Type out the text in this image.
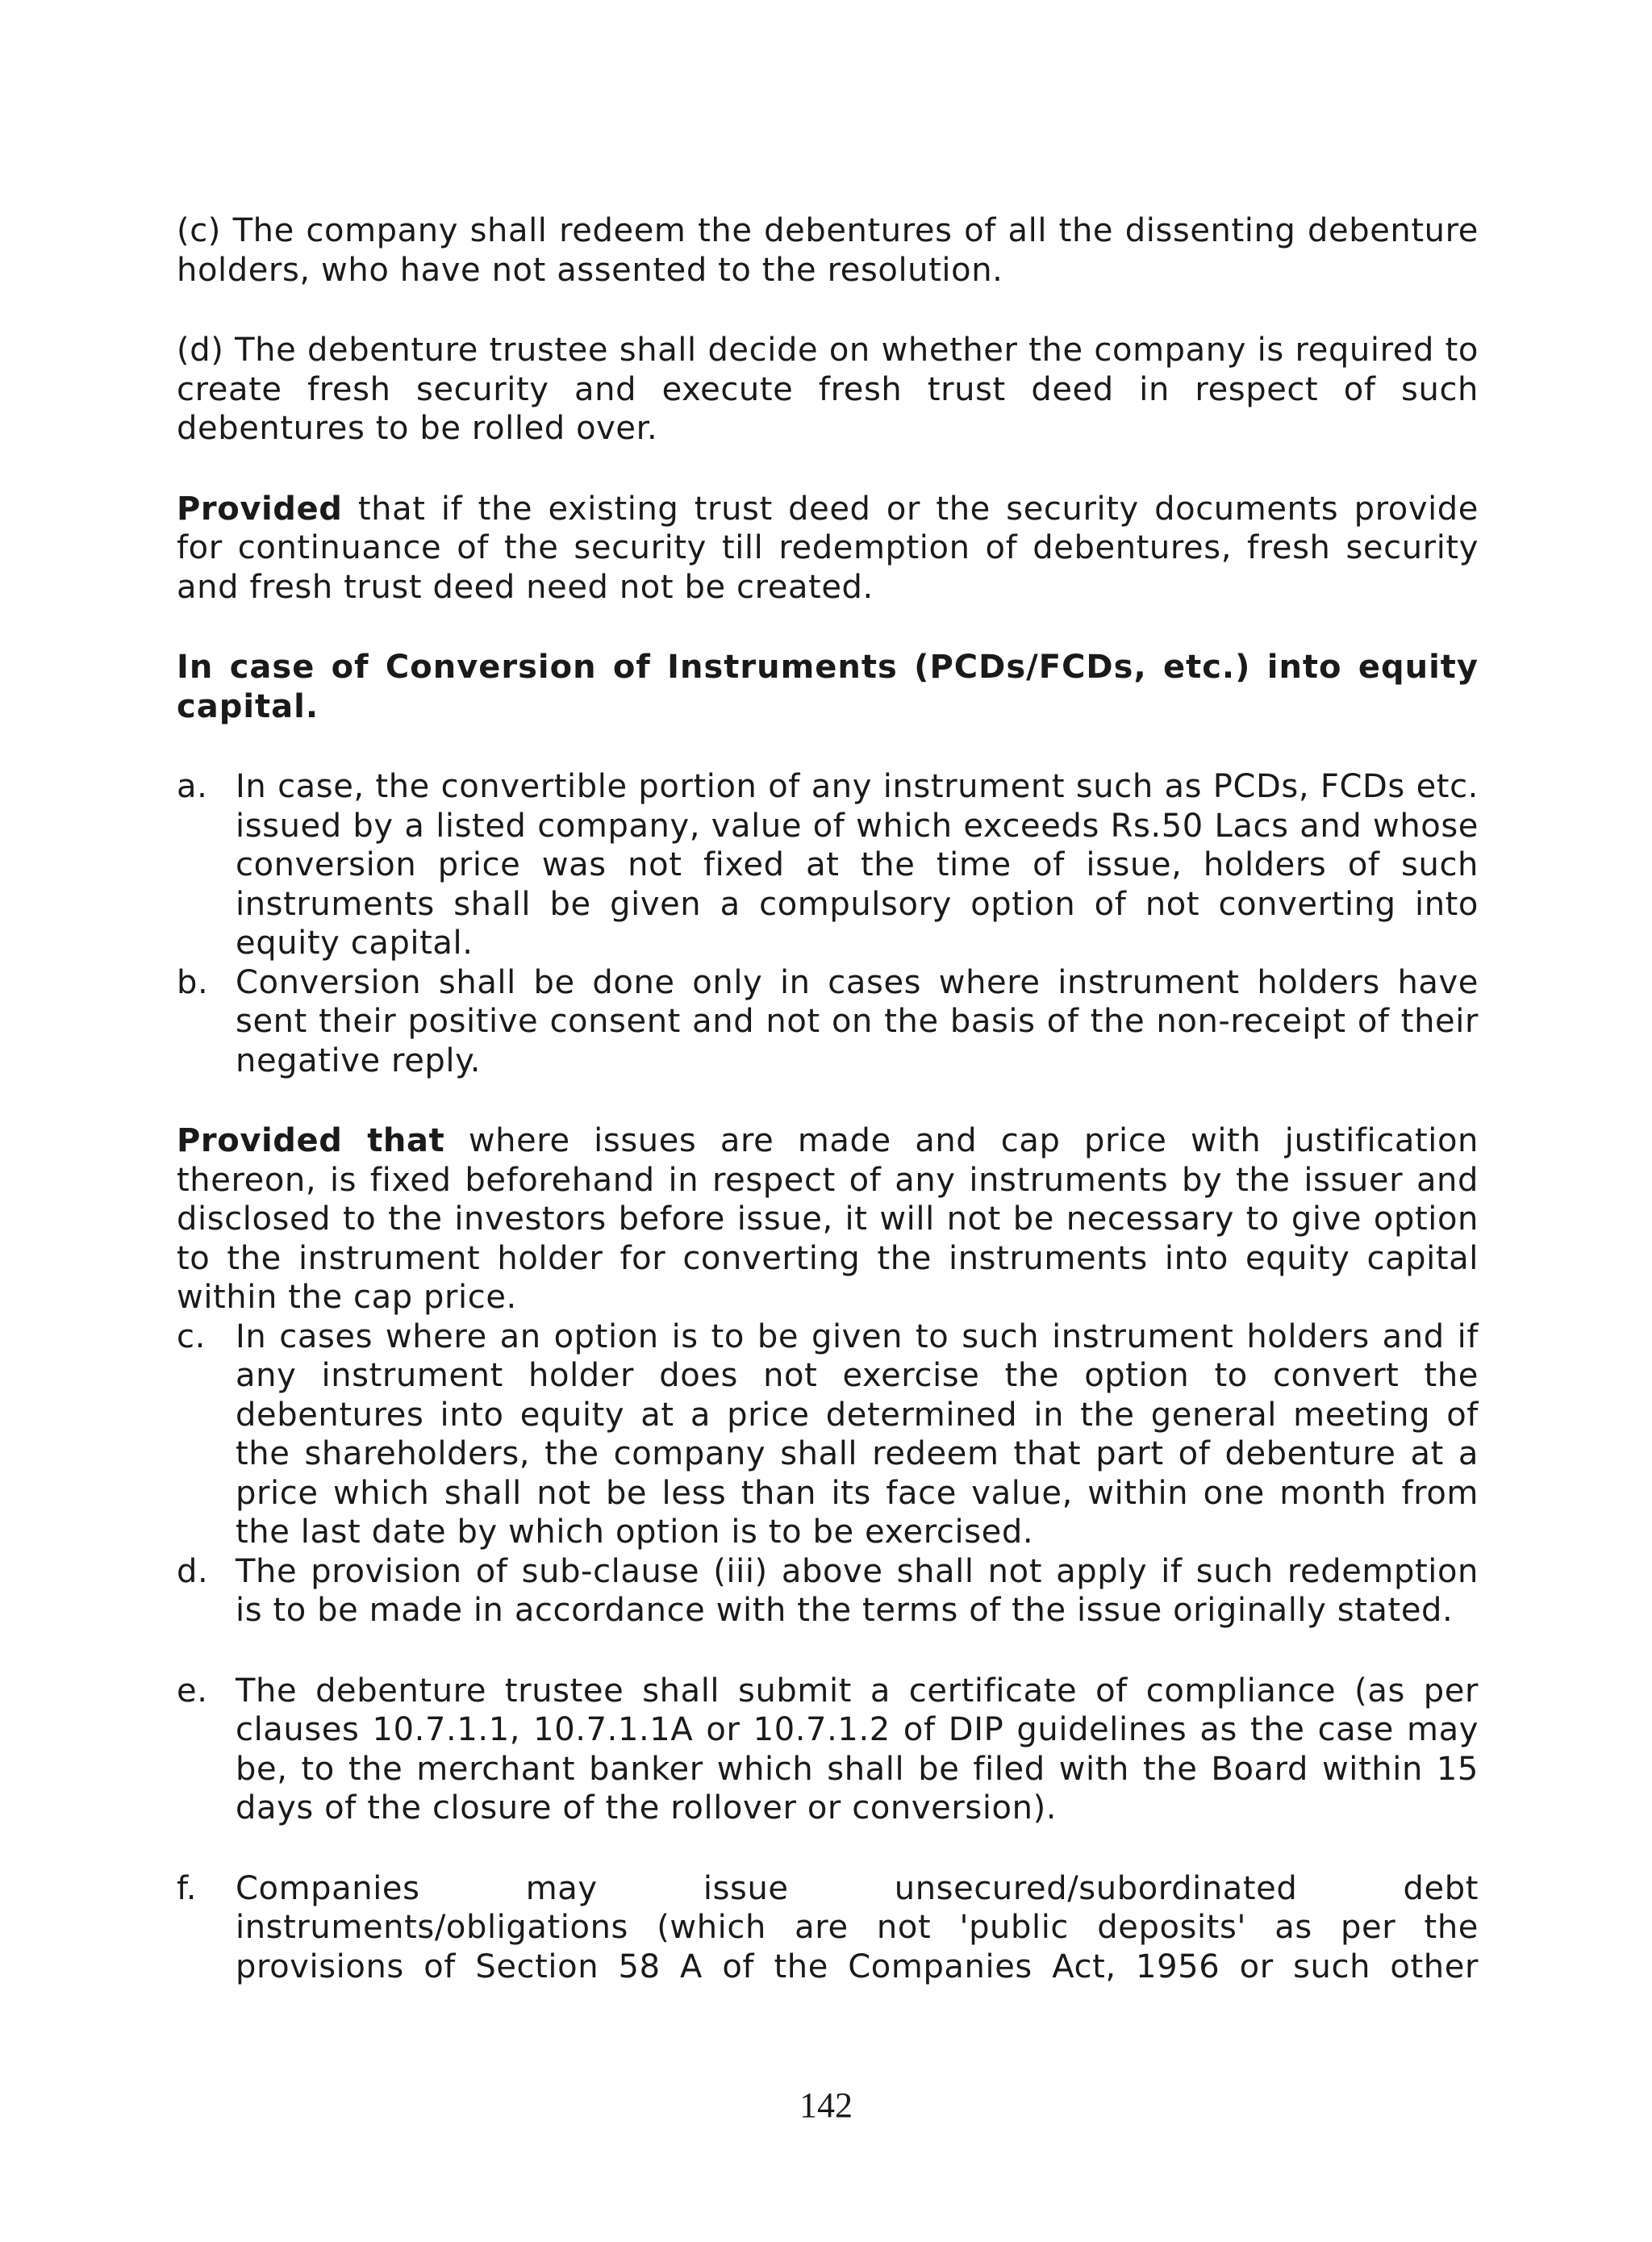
(c) The company shall redeem the debentures of all the dissenting debenture holders, who have not assented to the resolution.

(d) The debenture trustee shall decide on whether the company is required to create fresh security and execute fresh trust deed in respect of such debentures to be rolled over.

Provided that if the existing trust deed or the security documents provide for continuance of the security till redemption of debentures, fresh security and fresh trust deed need not be created.

In case of Conversion of Instruments (PCDs/FCDs, etc.) into equity capital.

a. In case, the convertible portion of any instrument such as PCDs, FCDs etc. issued by a listed company, value of which exceeds Rs.50 Lacs and whose conversion price was not fixed at the time of issue, holders of such instruments shall be given a compulsory option of not converting into equity capital.
b. Conversion shall be done only in cases where instrument holders have sent their positive consent and not on the basis of the non-receipt of their negative reply.

Provided that where issues are made and cap price with justification thereon, is fixed beforehand in respect of any instruments by the issuer and disclosed to the investors before issue, it will not be necessary to give option to the instrument holder for converting the instruments into equity capital within the cap price.

c. In cases where an option is to be given to such instrument holders and if any instrument holder does not exercise the option to convert the debentures into equity at a price determined in the general meeting of the shareholders, the company shall redeem that part of debenture at a price which shall not be less than its face value, within one month from the last date by which option is to be exercised.
d. The provision of sub-clause (iii) above shall not apply if such redemption is to be made in accordance with the terms of the issue originally stated.
e. The debenture trustee shall submit a certificate of compliance (as per clauses 10.7.1.1, 10.7.1.1A or 10.7.1.2 of DIP guidelines as the case may be, to the merchant banker which shall be filed with the Board within 15 days of the closure of the rollover or conversion).
f.	Companies may issue unsecured/subordinated debt instruments/obligations (which are not 'public deposits' as per the provisions of Section 58 A of the Companies Act, 1956 or such other
142
